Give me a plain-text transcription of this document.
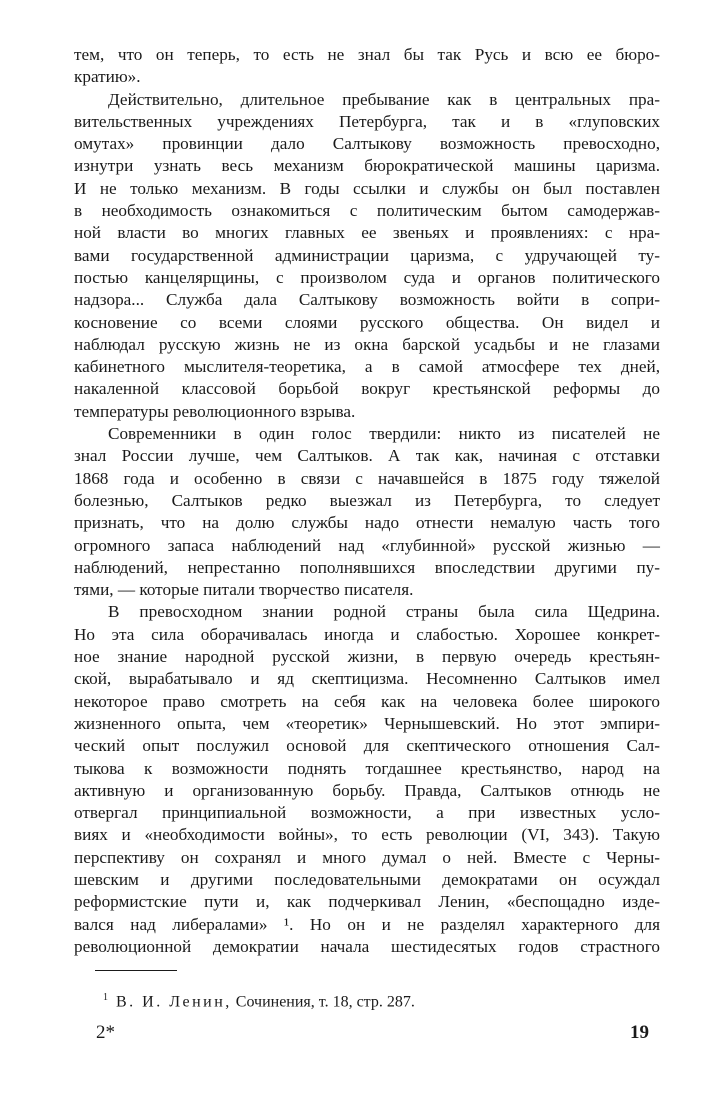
тем, что он теперь, то есть не знал бы так Русь и всю ее бюро-
кратию».
Действительно, длительное пребывание как в центральных пра-
вительственных учреждениях Петербурга, так и в «глуповских
омутах» провинции дало Салтыкову возможность превосходно,
изнутри узнать весь механизм бюрократической машины царизма.
И не только механизм. В годы ссылки и службы он был поставлен
в необходимость ознакомиться с политическим бытом самодержав-
ной власти во многих главных ее звеньях и проявлениях: с нра-
вами государственной администрации царизма, с удручающей ту-
постью канцелярщины, с произволом суда и органов политического
надзора... Служба дала Салтыкову возможность войти в сопри-
косновение со всеми слоями русского общества. Он видел и
наблюдал русскую жизнь не из окна барской усадьбы и не глазами
кабинетного мыслителя-теоретика, а в самой атмосфере тех дней,
накаленной классовой борьбой вокруг крестьянской реформы до
температуры революционного взрыва.
Современники в один голос твердили: никто из писателей не
знал России лучше, чем Салтыков. А так как, начиная с отставки
1868 года и особенно в связи с начавшейся в 1875 году тяжелой
болезнью, Салтыков редко выезжал из Петербурга, то следует
признать, что на долю службы надо отнести немалую часть того
огромного запаса наблюдений над «глубинной» русской жизнью —
наблюдений, непрестанно пополнявшихся впоследствии другими пу-
тями, — которые питали творчество писателя.
В превосходном знании родной страны была сила Щедрина.
Но эта сила оборачивалась иногда и слабостью. Хорошее конкрет-
ное знание народной русской жизни, в первую очередь крестьян-
ской, вырабатывало и яд скептицизма. Несомненно Салтыков имел
некоторое право смотреть на себя как на человека более широкого
жизненного опыта, чем «теоретик» Чернышевский. Но этот эмпири-
ческий опыт послужил основой для скептического отношения Сал-
тыкова к возможности поднять тогдашнее крестьянство, народ на
активную и организованную борьбу. Правда, Салтыков отнюдь не
отвергал принципиальной возможности, а при известных усло-
виях и «необходимости войны», то есть революции (VI, 343). Такую
перспективу он сохранял и много думал о ней. Вместе с Черны-
шевским и другими последовательными демократами он осуждал
реформистские пути и, как подчеркивал Ленин, «беспощадно изде-
вался над либералами» ¹. Но он и не разделял характерного для
революционной демократии начала шестидесятых годов страстного
$^1$ В. И. Ленин, Сочинения, т. 18, стр. 287.
2*	19
